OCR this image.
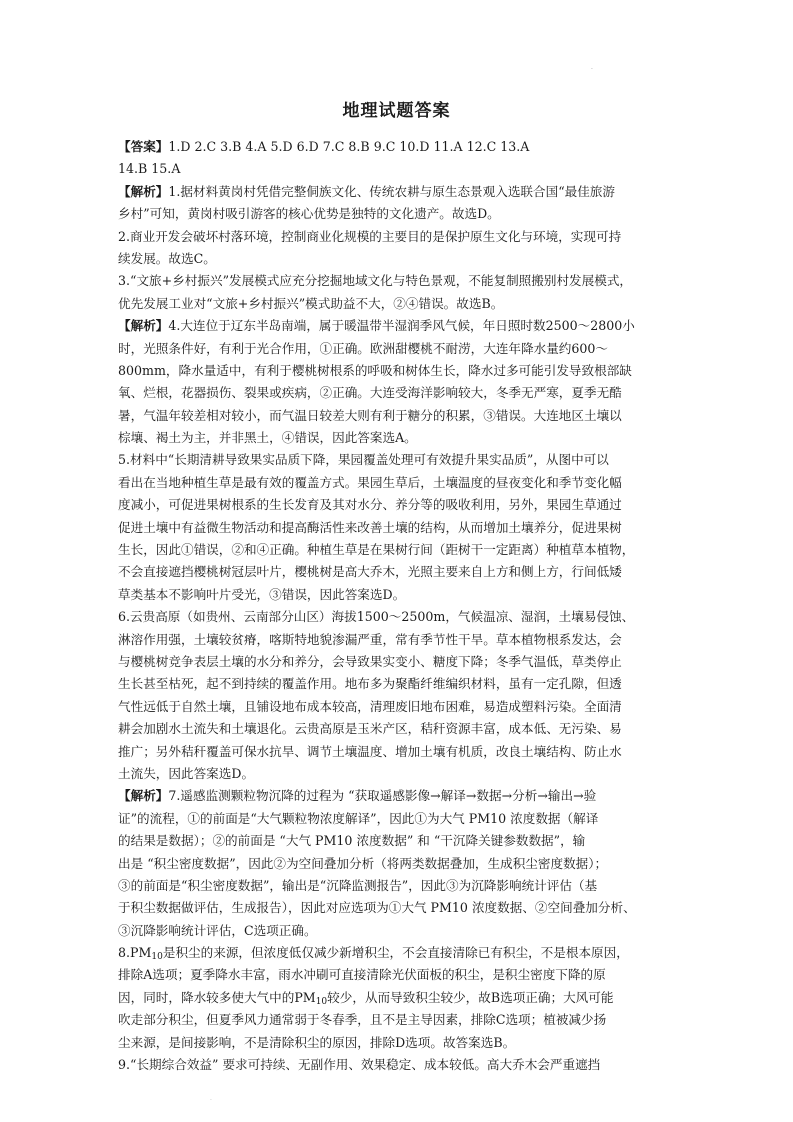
·
地理试题答案
【答案】1.D 2.C 3.B 4.A 5.D 6.D 7.C 8.B 9.C 10.D 11.A 12.C 13.A
14.B 15.A
【解析】1.据材料黄岗村凭借完整侗族文化、传统农耕与原生态景观入选联合国“最佳旅游
乡村”可知，黄岗村吸引游客的核心优势是独特的文化遗产。故选D。
2.商业开发会破坏村落环境，控制商业化规模的主要目的是保护原生文化与环境，实现可持
续发展。故选C。
3.“文旅+乡村振兴”发展模式应充分挖掘地域文化与特色景观，不能复制照搬别村发展模式，
优先发展工业对“文旅+乡村振兴”模式助益不大，②④错误。故选B。
【解析】4.大连位于辽东半岛南端，属于暖温带半湿润季风气候，年日照时数2500～2800小
时，光照条件好，有利于光合作用，①正确。欧洲甜樱桃不耐涝，大连年降水量约600～
800mm，降水量适中，有利于樱桃树根系的呼吸和树体生长，降水过多可能引发导致根部缺
氧、烂根，花器损伤、裂果或疾病，②正确。大连受海洋影响较大，冬季无严寒，夏季无酷
暑，气温年较差相对较小，而气温日较差大则有利于糖分的积累，③错误。大连地区土壤以
棕壤、褐土为主，并非黑土，④错误，因此答案选A。
5.材料中“长期清耕导致果实品质下降，果园覆盖处理可有效提升果实品质”，从图中可以
看出在当地种植生草是最有效的覆盖方式。果园生草后，土壤温度的昼夜变化和季节变化幅
度减小，可促进果树根系的生长发育及其对水分、养分等的吸收利用，另外，果园生草通过
促进土壤中有益微生物活动和提高酶活性来改善土壤的结构，从而增加土壤养分，促进果树
生长，因此①错误，②和④正确。种植生草是在果树行间（距树干一定距离）种植草本植物，
不会直接遮挡樱桃树冠层叶片，樱桃树是高大乔木，光照主要来自上方和侧上方，行间低矮
草类基本不影响叶片受光，③错误，因此答案选D。
6.云贵高原（如贵州、云南部分山区）海拔1500～2500m，气候温凉、湿润，土壤易侵蚀、
淋溶作用强，土壤较贫瘠，喀斯特地貌渗漏严重，常有季节性干旱。草本植物根系发达，会
与樱桃树竞争表层土壤的水分和养分，会导致果实变小、糖度下降；冬季气温低，草类停止
生长甚至枯死，起不到持续的覆盖作用。地布多为聚酯纤维编织材料，虽有一定孔隙，但透
气性远低于自然土壤，且铺设地布成本较高，清理废旧地布困难，易造成塑料污染。全面清
耕会加剧水土流失和土壤退化。云贵高原是玉米产区，秸秆资源丰富，成本低、无污染、易
推广；另外秸秆覆盖可保水抗旱、调节土壤温度、增加土壤有机质，改良土壤结构、防止水
土流失，因此答案选D。
【解析】7.遥感监测颗粒物沉降的过程为 “获取遥感影像→解译→数据→分析→输出→验
证”的流程，①的前面是“大气颗粒物浓度解译”，因此①为大气 PM10 浓度数据（解译
的结果是数据）；②的前面是 “大气 PM10 浓度数据” 和 “干沉降关键参数数据”，输
出是 “积尘密度数据”，因此②为空间叠加分析（将两类数据叠加，生成积尘密度数据）；
③的前面是“积尘密度数据”，输出是“沉降监测报告”，因此③为沉降影响统计评估（基
于积尘数据做评估，生成报告），因此对应选项为①大气 PM10 浓度数据、②空间叠加分析、
③沉降影响统计评估，C选项正确。
$8.PM_{10}$是积尘的来源，但浓度低仅减少新增积尘，不会直接清除已有积尘，不是根本原因，
排除A选项；夏季降水丰富，雨水冲刷可直接清除光伏面板的积尘，是积尘密度下降的原
因，同时，降水较多使大气中的$PM_{10}$较少，从而导致积尘较少，故B选项正确；大风可能
吹走部分积尘，但夏季风力通常弱于冬春季，且不是主导因素，排除C选项；植被减少扬
尘来源，是间接影响，不是清除积尘的原因，排除D选项。故答案选B。
9.“长期综合效益” 要求可持续、无副作用、效果稳定、成本较低。高大乔木会严重遮挡
·
